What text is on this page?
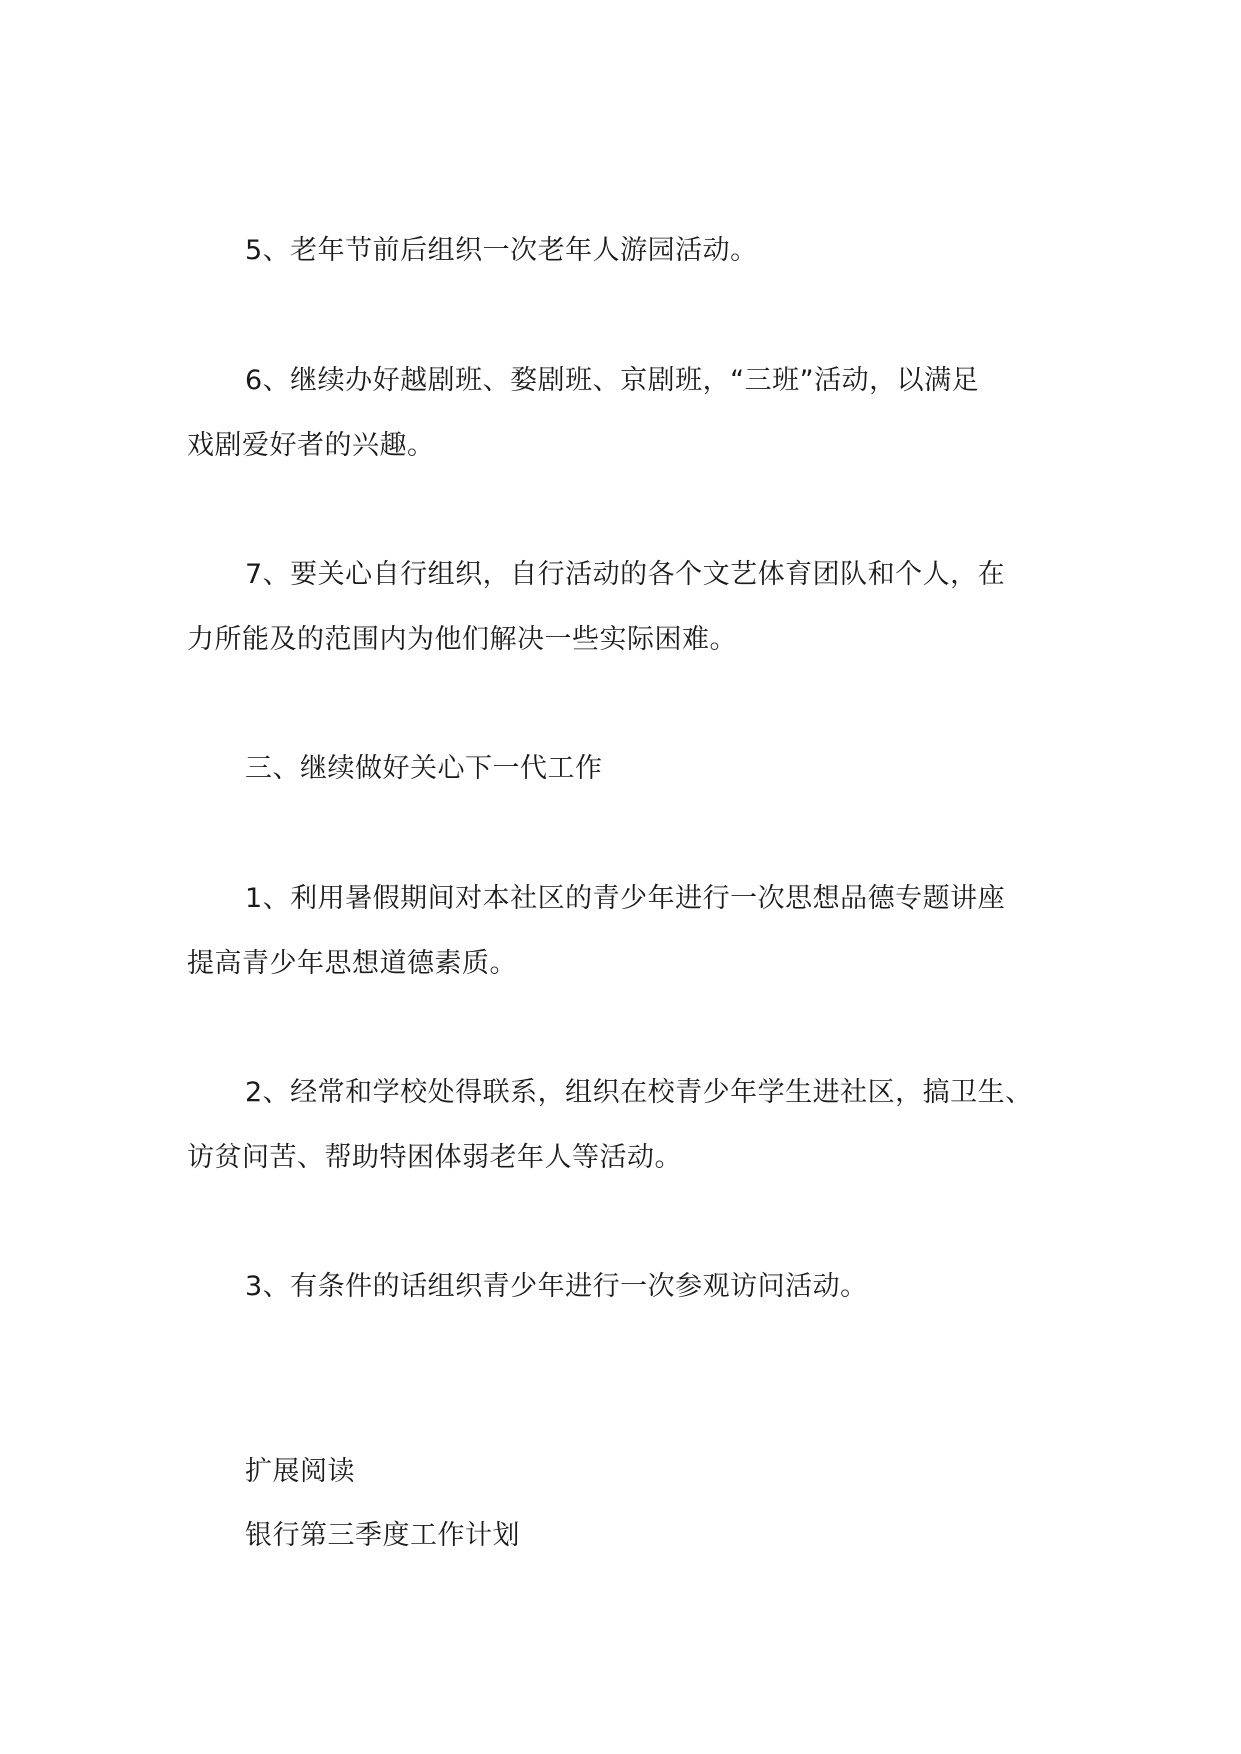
5、老年节前后组织一次老年人游园活动。

6、继续办好越剧班、婺剧班、京剧班，“三班”活动，以满足
戏剧爱好者的兴趣。

7、要关心自行组织，自行活动的各个文艺体育团队和个人，在
力所能及的范围内为他们解决一些实际困难。

三、继续做好关心下一代工作

1、利用暑假期间对本社区的青少年进行一次思想品德专题讲座
提高青少年思想道德素质。

2、经常和学校处得联系，组织在校青少年学生进社区，搞卫生、
访贫问苦、帮助特困体弱老年人等活动。

3、有条件的话组织青少年进行一次参观访问活动。

扩展阅读

银行第三季度工作计划
